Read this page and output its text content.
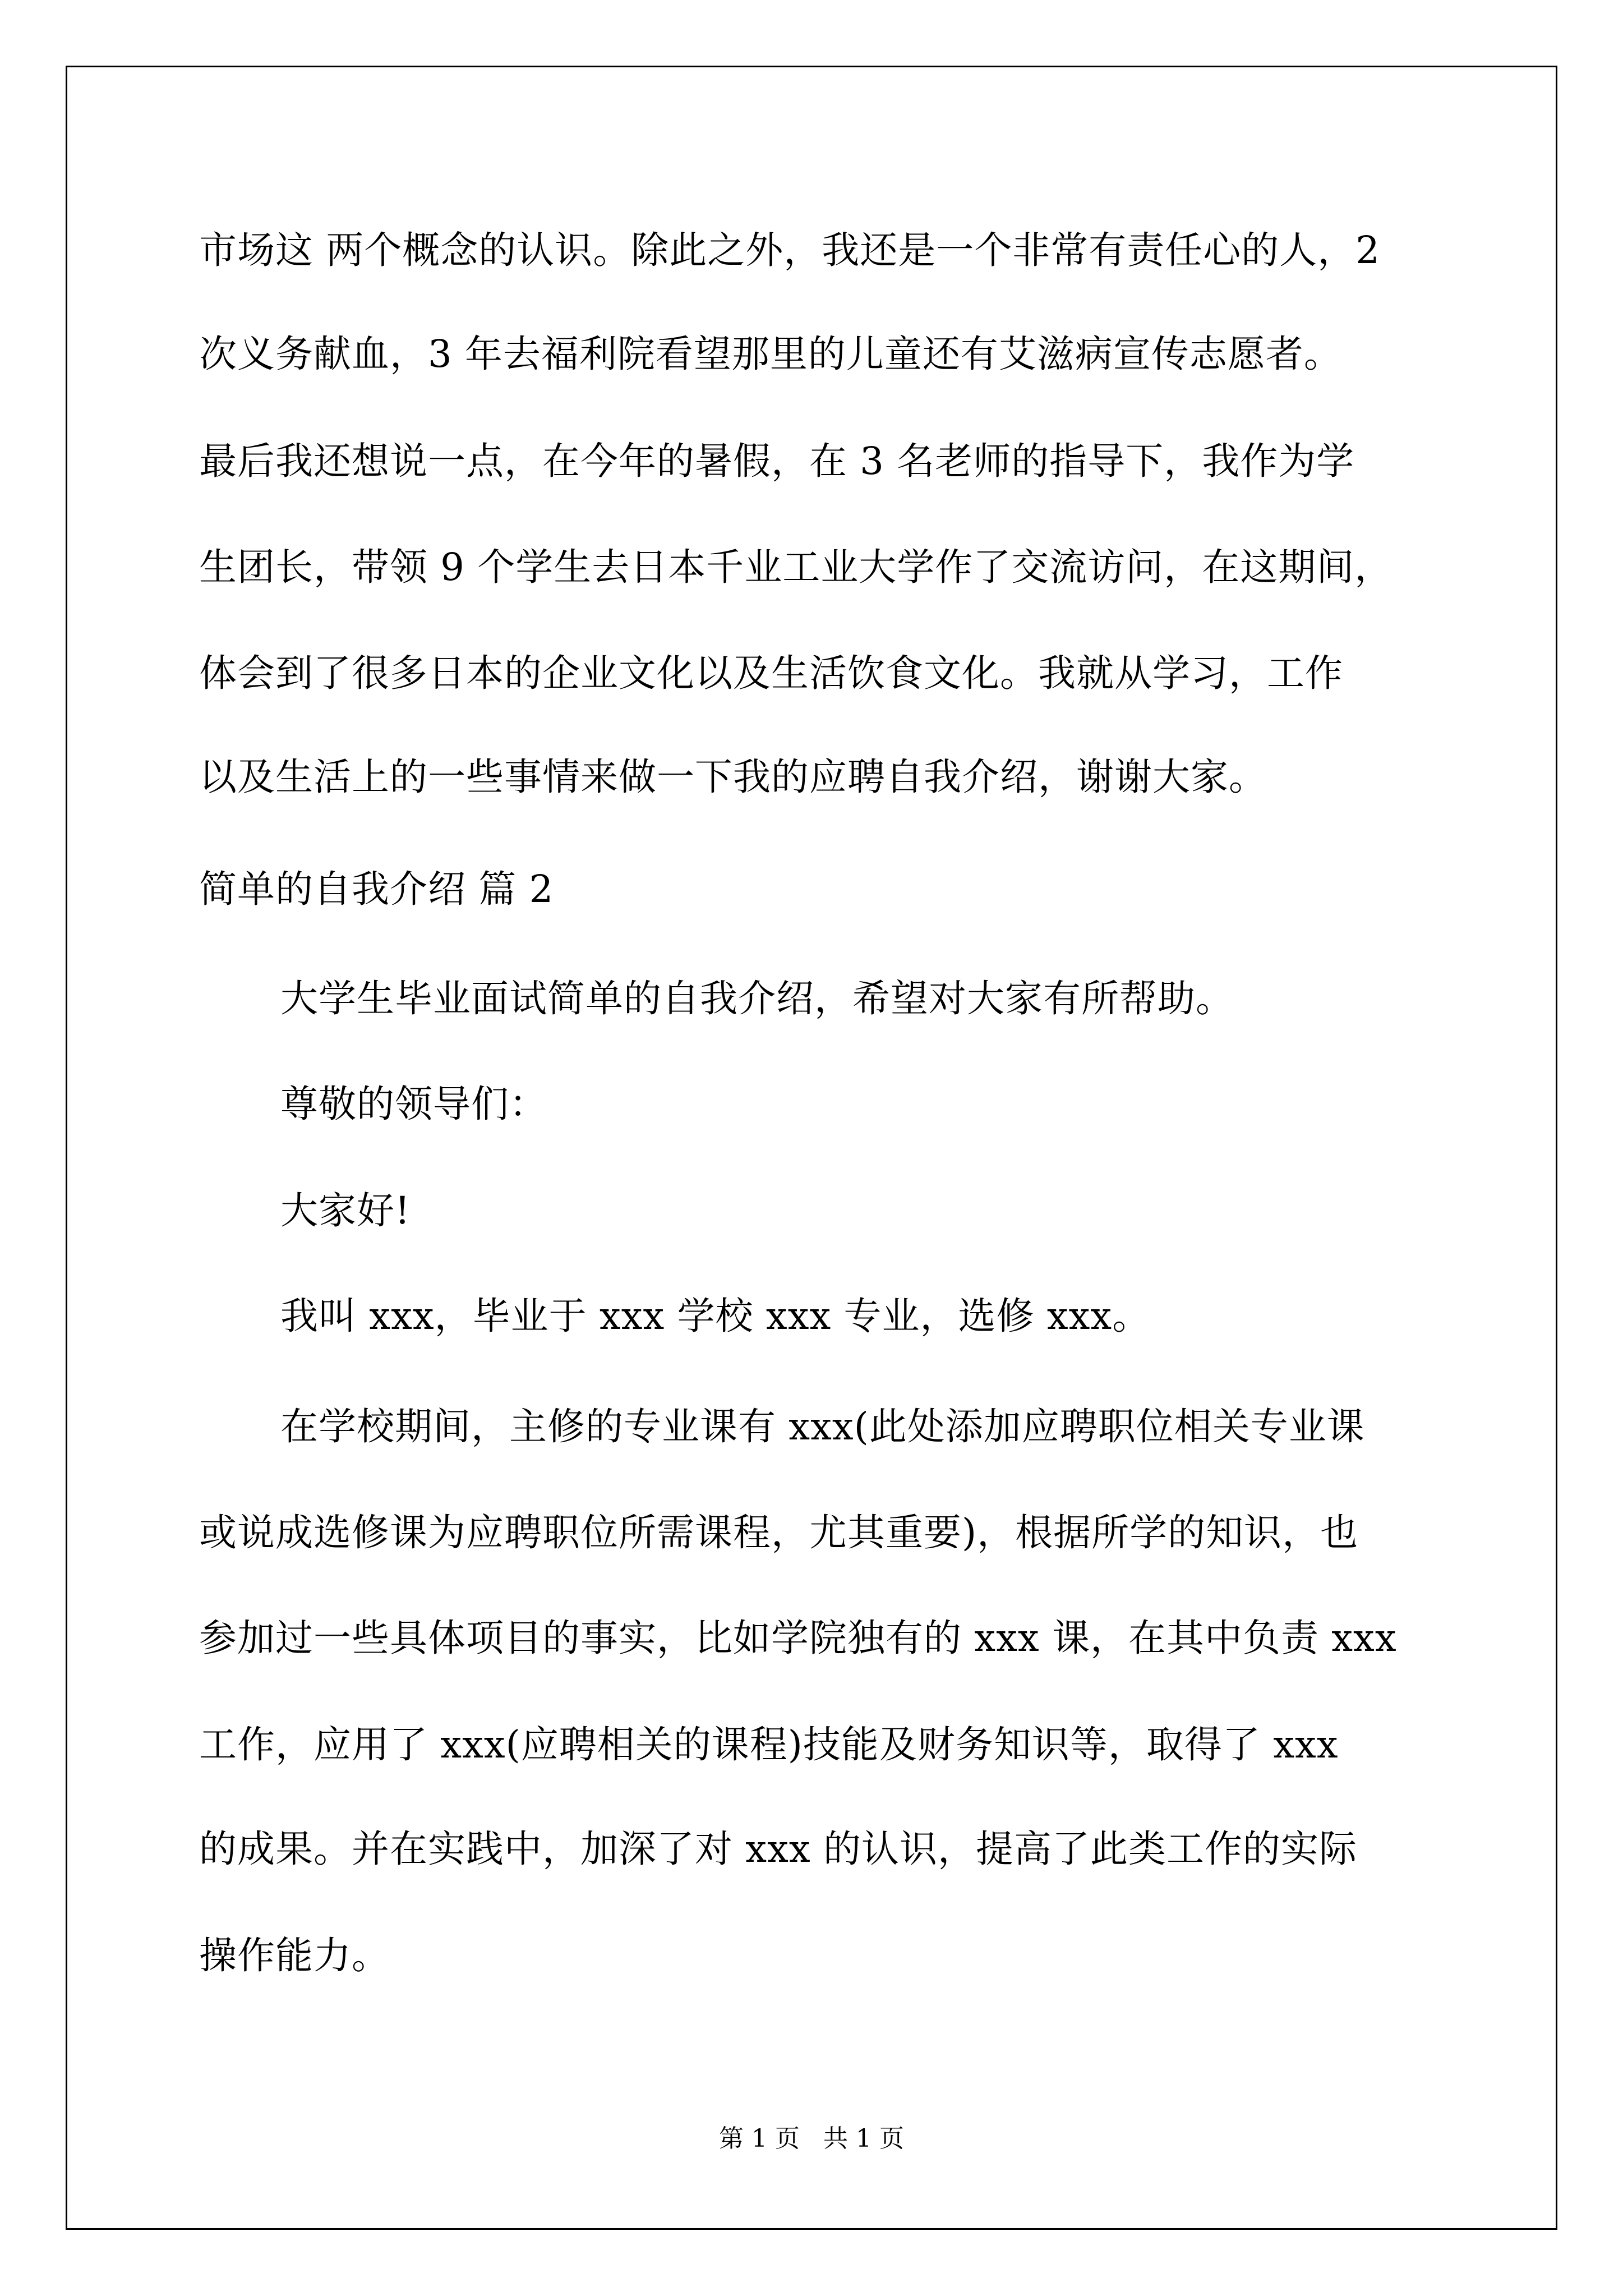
市场这 两个概念的认识。除此之外，我还是一个非常有责任心的人，2
次义务献血，3 年去福利院看望那里的儿童还有艾滋病宣传志愿者。
最后我还想说一点，在今年的暑假，在 3 名老师的指导下，我作为学
生团长，带领 9 个学生去日本千业工业大学作了交流访问，在这期间，
体会到了很多日本的企业文化以及生活饮食文化。我就从学习，工作
以及生活上的一些事情来做一下我的应聘自我介绍，谢谢大家。
简单的自我介绍 篇 2
大学生毕业面试简单的自我介绍，希望对大家有所帮助。
尊敬的领导们：
大家好!
我叫 xxx，毕业于 xxx 学校 xxx 专业，选修 xxx。
在学校期间，主修的专业课有 xxx(此处添加应聘职位相关专业课
或说成选修课为应聘职位所需课程，尤其重要)，根据所学的知识，也
参加过一些具体项目的事实，比如学院独有的 xxx 课，在其中负责 xxx
工作，应用了 xxx(应聘相关的课程)技能及财务知识等，取得了 xxx
的成果。并在实践中，加深了对 xxx 的认识，提高了此类工作的实际
操作能力。
第 1 页   共 1 页
